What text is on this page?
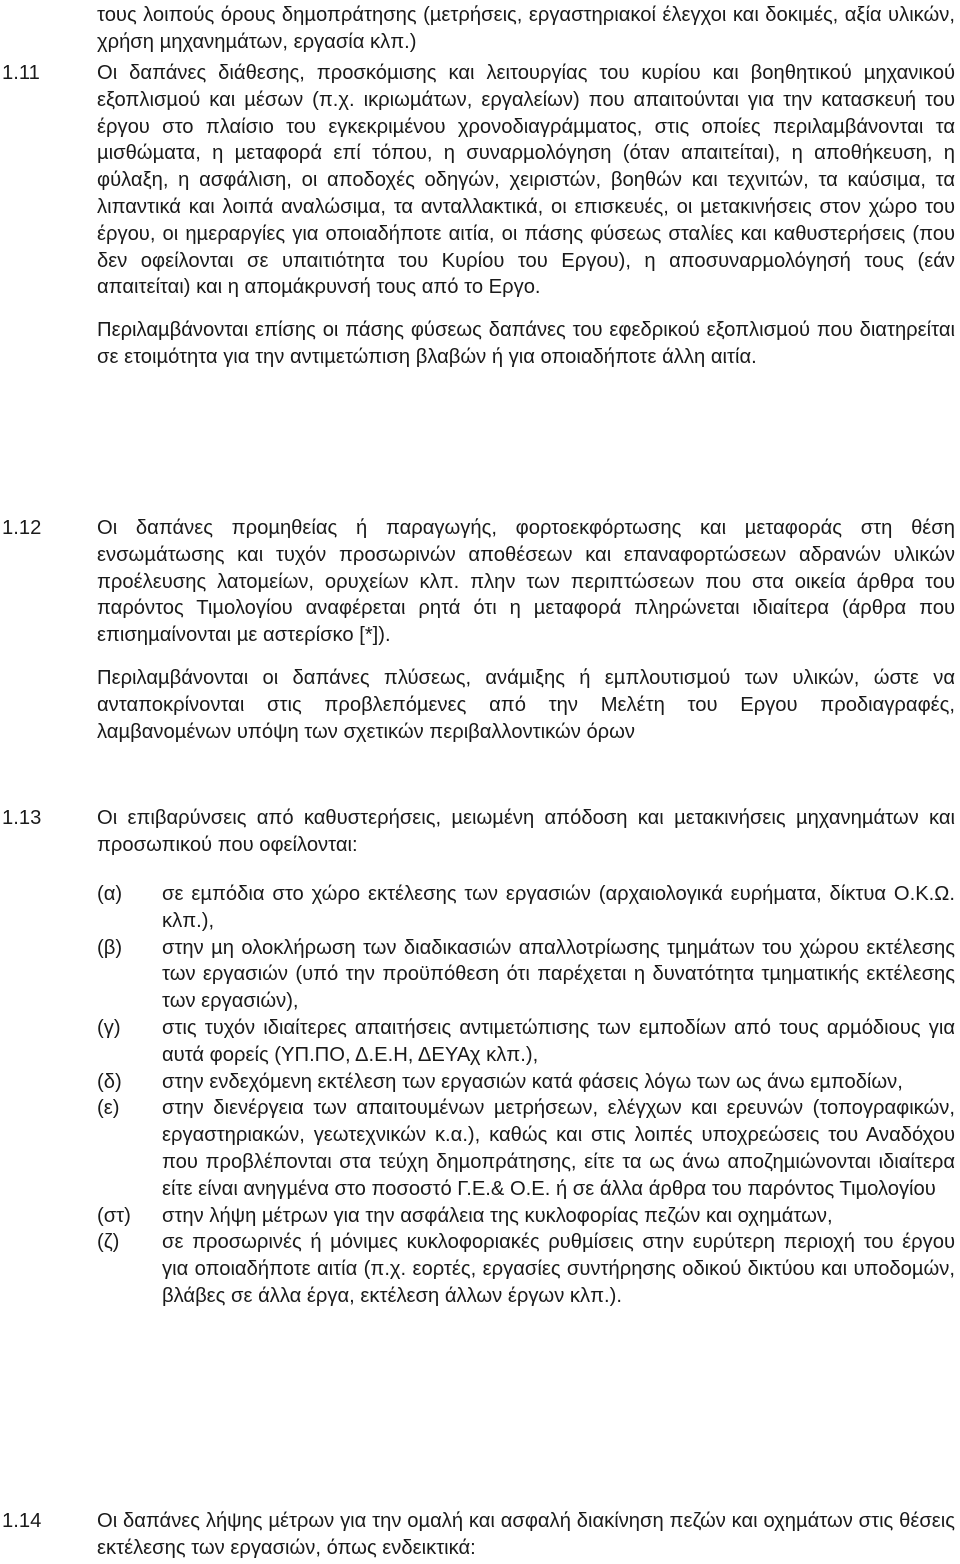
τους λοιπούς όρους δηµοπράτησης (µετρήσεις, εργαστηριακοί έλεγχοι και δοκιµές, αξία υλικών, χρήση µηχανηµάτων, εργασία κλπ.)

1.11	Οι δαπάνες διάθεσης, προσκόµισης και λειτουργίας του κυρίου και βοηθητικού µηχανικού εξοπλισµού και µέσων (π.χ. ικριωµάτων, εργαλείων) που απαιτούνται για την κατασκευή του έργου στο πλαίσιο του εγκεκριµένου χρονοδιαγράµµατος, στις οποίες περιλαµβάνονται τα µισθώµατα, η µεταφορά επί τόπου, η συναρµολόγηση (όταν απαιτείται), η αποθήκευση, η φύλαξη, η ασφάλιση, οι αποδοχές οδηγών, χειριστών, βοηθών και τεχνιτών, τα καύσιµα, τα λιπαντικά και λοιπά αναλώσιµα, τα ανταλλακτικά, οι επισκευές, οι µετακινήσεις στον χώρο του έργου, οι ηµεραργίες για οποιαδήποτε αιτία, οι πάσης φύσεως σταλίες και καθυστερήσεις (που δεν οφείλονται σε υπαιτιότητα του Κυρίου του Εργου), η αποσυναρµολόγησή τους (εάν απαιτείται) και η αποµάκρυνσή τους από το Εργο.

Περιλαµβάνονται επίσης οι πάσης φύσεως δαπάνες του εφεδρικού εξοπλισµού που διατηρείται σε ετοιµότητα για την αντιµετώπιση βλαβών ή για οποιαδήποτε άλλη αιτία.

1.12	Οι δαπάνες προµηθείας ή παραγωγής, φορτοεκφόρτωσης και µεταφοράς στη θέση ενσωµάτωσης και τυχόν προσωρινών αποθέσεων και επαναφορτώσεων αδρανών υλικών προέλευσης λατοµείων, ορυχείων κλπ. πλην των περιπτώσεων που στα οικεία άρθρα του παρόντος Τιµολογίου αναφέρεται ρητά ότι η µεταφορά πληρώνεται ιδιαίτερα (άρθρα που επισηµαίνονται µε αστερίσκο [*]).

Περιλαµβάνονται οι δαπάνες πλύσεως, ανάµιξης ή εµπλουτισµού των υλικών, ώστε να ανταποκρίνονται στις προβλεπόµενες από την Μελέτη του Εργου προδιαγραφές, λαµβανοµένων υπόψη των σχετικών περιβαλλοντικών όρων

1.13	Οι επιβαρύνσεις από καθυστερήσεις, µειωµένη απόδοση και µετακινήσεις µηχανηµάτων και προσωπικού που οφείλονται:

(α) σε εµπόδια στο χώρο εκτέλεσης των εργασιών (αρχαιολογικά ευρήµατα, δίκτυα Ο.Κ.Ω. κλπ.),
(β) στην µη ολοκλήρωση των διαδικασιών απαλλοτρίωσης τµηµάτων του χώρου εκτέλεσης των εργασιών (υπό την προϋπόθεση ότι παρέχεται η δυνατότητα τµηµατικής εκτέλεσης των εργασιών),
(γ) στις τυχόν ιδιαίτερες απαιτήσεις αντιµετώπισης των εµποδίων από τους αρµόδιους για αυτά φορείς (ΥΠ.ΠΟ, Δ.Ε.Η, ΔΕΥΑχ κλπ.),
(δ) στην ενδεχόµενη εκτέλεση των εργασιών κατά φάσεις λόγω των ως άνω εµποδίων,
(ε) στην διενέργεια των απαιτουµένων µετρήσεων, ελέγχων και ερευνών (τοπογραφικών, εργαστηριακών, γεωτεχνικών κ.α.), καθώς και στις λοιπές υποχρεώσεις του Αναδόχου που προβλέπονται στα τεύχη δηµοπράτησης, είτε τα ως άνω αποζηµιώνονται ιδιαίτερα είτε είναι ανηγµένα στο ποσοστό Γ.Ε.& Ο.Ε. ή σε άλλα άρθρα του παρόντος Τιµολογίου
(στ) στην λήψη µέτρων για την ασφάλεια της κυκλοφορίας πεζών και οχηµάτων,
(ζ) σε προσωρινές ή µόνιµες κυκλοφοριακές ρυθµίσεις στην ευρύτερη περιοχή του έργου για οποιαδήποτε αιτία (π.χ. εορτές, εργασίες συντήρησης οδικού δικτύου και υποδοµών, βλάβες σε άλλα έργα, εκτέλεση άλλων έργων κλπ.).
1.14	Οι δαπάνες λήψης µέτρων για την οµαλή και ασφαλή διακίνηση πεζών και οχηµάτων στις θέσεις εκτέλεσης των εργασιών, όπως ενδεικτικά:
